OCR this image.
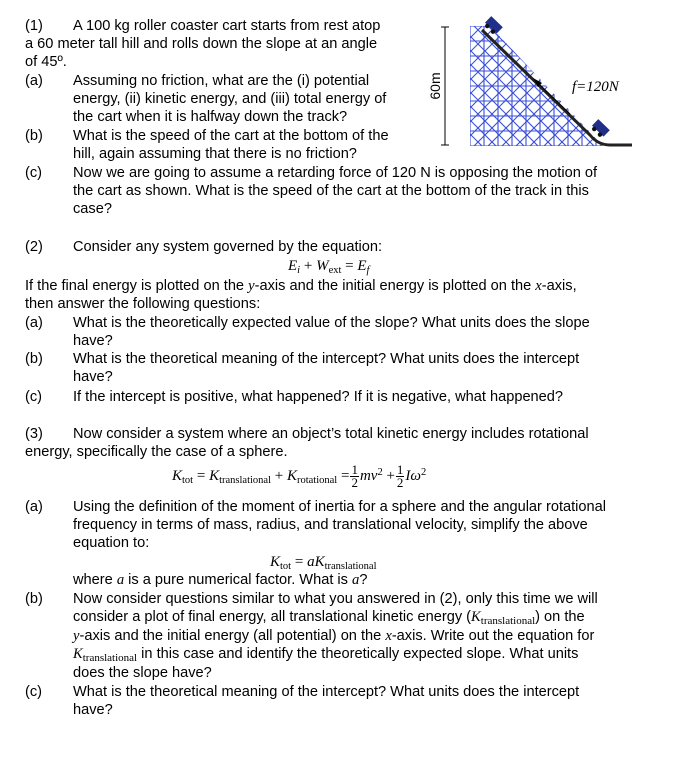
(1) A 100 kg roller coaster cart starts from rest atop
a 60 meter tall hill and rolls down the slope at an angle
of 45º.
(a) Assuming no friction, what are the (i) potential
energy, (ii) kinetic energy, and (iii) total energy of
the cart when it is halfway down the track?
(b) What is the speed of the cart at the bottom of the
hill, again assuming that there is no friction?
(c) Now we are going to assume a retarding force of 120 N is opposing the motion of
the cart as shown. What is the speed of the cart at the bottom of the track in this
case?
60m	f=120N
(2) Consider any system governed by the equation:
$E_i + W_{ext} = E_f$
If the final energy is plotted on the y-axis and the initial energy is plotted on the x-axis,
then answer the following questions:
(a) What is the theoretically expected value of the slope? What units does the slope
have?
(b) What is the theoretical meaning of the intercept? What units does the intercept
have?
(c) If the intercept is positive, what happened? If it is negative, what happened?
(3) Now consider a system where an object’s total kinetic energy includes rotational
energy, specifically the case of a sphere.
$K_{tot} = K_{translational} + K_{rotational} = \frac{1}{2} mv^2 + \frac{1}{2} I\omega^2$
(a) Using the definition of the moment of inertia for a sphere and the angular rotational
frequency in terms of mass, radius, and translational velocity, simplify the above
equation to:
$K_{tot} = aK_{translational}$
where a is a pure numerical factor. What is a?
(b) Now consider questions similar to what you answered in (2), only this time we will
consider a plot of final energy, all translational kinetic energy $(K_{translational})$ on the
y-axis and the initial energy (all potential) on the x-axis. Write out the equation for
$K_{translational}$ in this case and identify the theoretically expected slope. What units
does the slope have?
(c) What is the theoretical meaning of the intercept? What units does the intercept
have?
